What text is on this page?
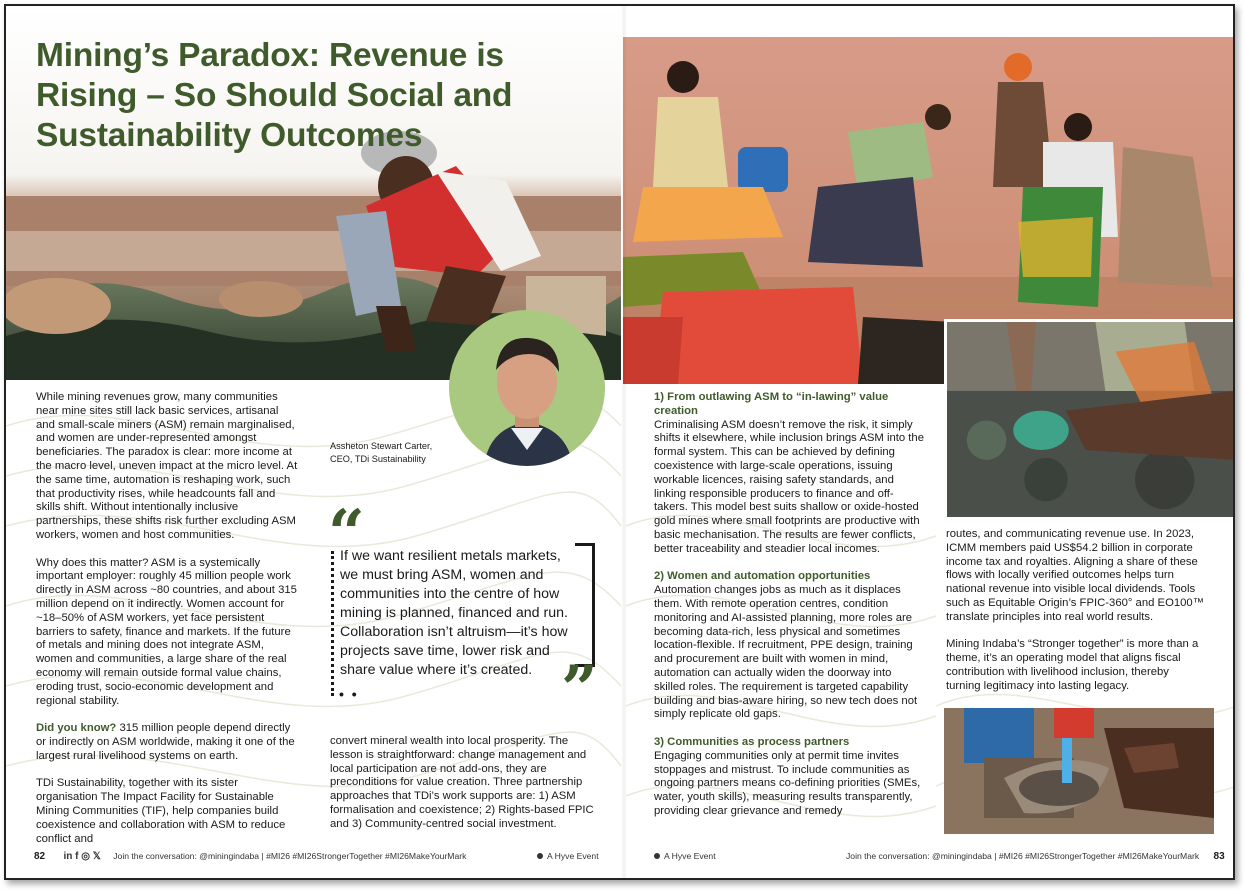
Mining’s Paradox: Revenue is Rising – So Should Social and Sustainability Outcomes

While mining revenues grow, many communities near mine sites still lack basic services, artisanal and small-scale miners (ASM) remain marginalised, and women are under-represented amongst beneficiaries. The paradox is clear: more income at the macro level, uneven impact at the micro level. At the same time, automation is reshaping work, such that productivity rises, while headcounts fall and skills shift. Without intentionally inclusive partnerships, these shifts risk further excluding ASM workers, women and host communities.

Why does this matter? ASM is a systemically important employer: roughly 45 million people work directly in ASM across ~80 countries, and about 315 million depend on it indirectly. Women account for ~18–50% of ASM workers, yet face persistent barriers to safety, finance and markets. If the future of metals and mining does not integrate ASM, women and communities, a large share of the real economy will remain outside formal value chains, eroding trust, socio-economic development and regional stability.

Did you know? 315 million people depend directly or indirectly on ASM worldwide, making it one of the largest rural livelihood systems on earth.

TDi Sustainability, together with its sister organisation The Impact Facility for Sustainable Mining Communities (TIF), help companies build coexistence and collaboration with ASM to reduce conflict and

Assheton Stewart Carter,
CEO, TDi Sustainability
“
• •
If we want resilient metals markets, we must bring ASM, women and communities into the centre of how mining is planned, financed and run. Collaboration isn’t altruism—it’s how projects save time, lower risk and share value where it’s created. ”

convert mineral wealth into local prosperity. The lesson is straightforward: change management and local participation are not add-ons, they are preconditions for value creation. Three partnership approaches that TDi’s work supports are: 1) ASM formalisation and coexistence; 2) Rights-based FPIC and 3) Community-centred social investment.

1) From outlawing ASM to “in-lawing” value creation

Criminalising ASM doesn’t remove the risk, it simply shifts it elsewhere, while inclusion brings ASM into the formal system. This can be achieved by defining coexistence with large-scale operations, issuing workable licences, raising safety standards, and linking responsible producers to finance and off-takers. This model best suits shallow or oxide-hosted gold mines where small footprints are productive with basic mechanisation. The results are fewer conflicts, better traceability and steadier local incomes.

2) Women and automation opportunities

Automation changes jobs as much as it displaces them. With remote operation centres, condition monitoring and AI-assisted planning, more roles are becoming data-rich, less physical and sometimes location-flexible. If recruitment, PPE design, training and procurement are built with women in mind, automation can actually widen the doorway into skilled roles. The requirement is targeted capability building and bias-aware hiring, so new tech does not simply replicate old gaps.

3) Communities as process partners

Engaging communities only at permit time invites stoppages and mistrust. To include communities as ongoing partners means co-defining priorities (SMEs, water, youth skills), measuring results transparently, providing clear grievance and remedy

routes, and communicating revenue use. In 2023, ICMM members paid US$54.2 billion in corporate income tax and royalties. Aligning a share of these flows with locally verified outcomes helps turn national revenue into visible local dividends. Tools such as Equitable Origin’s FPIC-360° and EO100™ translate principles into real world results.

Mining Indaba’s “Stronger together” is more than a theme, it’s an operating model that aligns fiscal contribution with livelihood inclusion, thereby turning legitimacy into lasting legacy.

82 in f ◎ 𝕏 Join the conversation: @miningindaba | #MI26 #MI26StrongerTogether #MI26MakeYourMark	A Hyve Event	A Hyve Event	Join the conversation: @miningindaba | #MI26 #MI26StrongerTogether #MI26MakeYourMark 83
